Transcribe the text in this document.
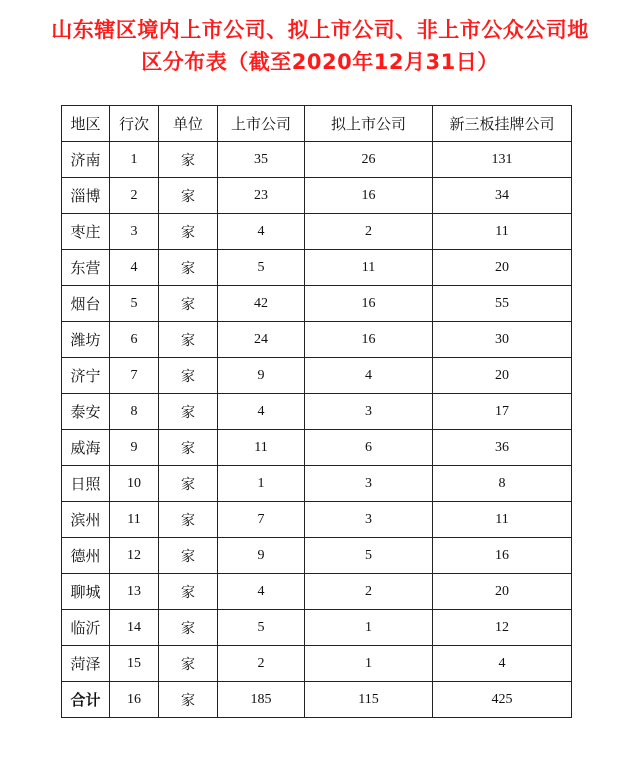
山东辖区境内上市公司、拟上市公司、非上市公众公司地
区分布表（截至2020年12月31日）
地区	行次	单位	上市公司	拟上市公司	新三板挂牌公司
济南	1	家	35	26	131
淄博	2	家	23	16	34
枣庄	3	家	4	2	11
东营	4	家	5	11	20
烟台	5	家	42	16	55
潍坊	6	家	24	16	30
济宁	7	家	9	4	20
泰安	8	家	4	3	17
威海	9	家	11	6	36
日照	10	家	1	3	8
滨州	11	家	7	3	11
德州	12	家	9	5	16
聊城	13	家	4	2	20
临沂	14	家	5	1	12
菏泽	15	家	2	1	4
合计	16	家	185	115	425
